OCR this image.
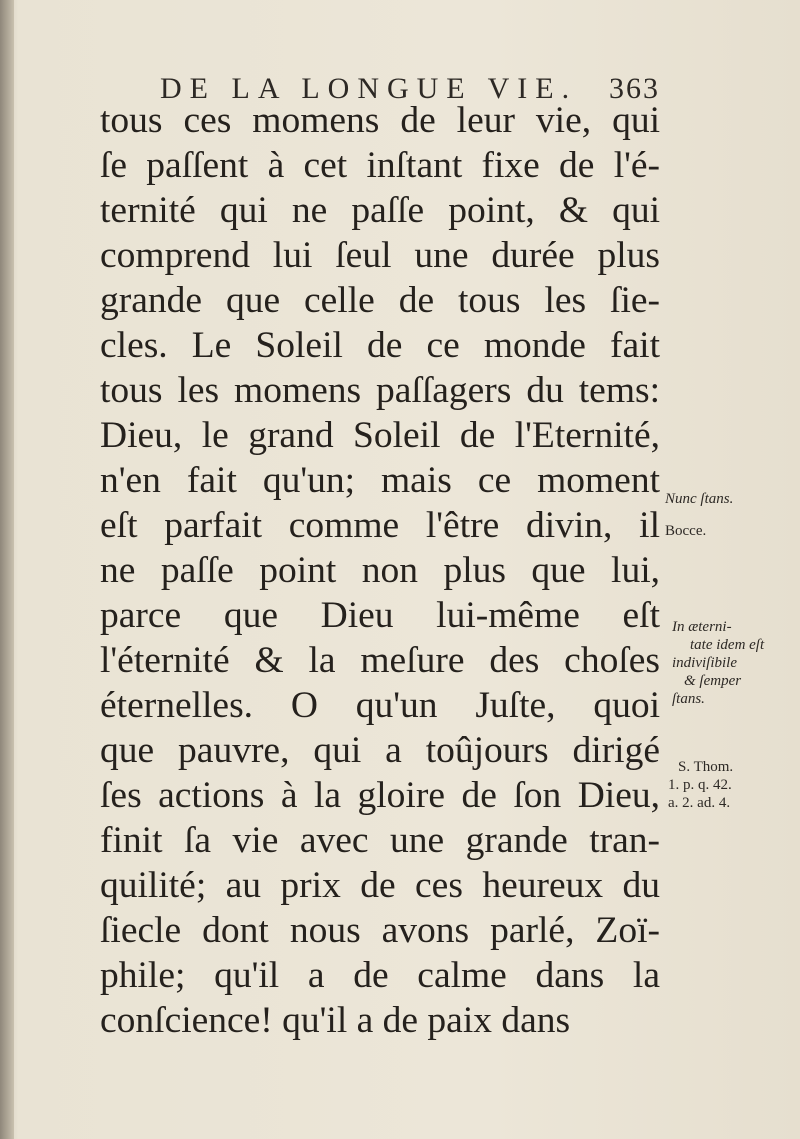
DE LA LONGUE VIE. 363
tous ces momens de leur vie, qui
ſe paſſent à cet inſtant fixe de l'é-
ternité qui ne paſſe point, & qui
comprend lui ſeul une durée plus
grande que celle de tous les ſie-
cles. Le Soleil de ce monde fait
tous les momens paſſagers du tems:
Dieu, le grand Soleil de l'Eternité,
n'en fait qu'un; mais ce moment
eſt parfait comme l'être divin, il
ne paſſe point non plus que lui,
parce que Dieu lui-même eſt
l'éternité & la meſure des choſes
éternelles. O qu'un Juſte, quoi
que pauvre, qui a toûjours dirigé
ſes actions à la gloire de ſon Dieu,
finit ſa vie avec une grande tran-
quilité; au prix de ces heureux du
ſiecle dont nous avons parlé, Zoï-
phile; qu'il a de calme dans la
conſcience! qu'il a de paix dans
Nunc ſtans.
Bocce.
In æterni-
tate idem eſt
indiviſibile
& ſemper
ſtans.
S. Thom.
1. p. q. 42.
a. 2. ad. 4.
